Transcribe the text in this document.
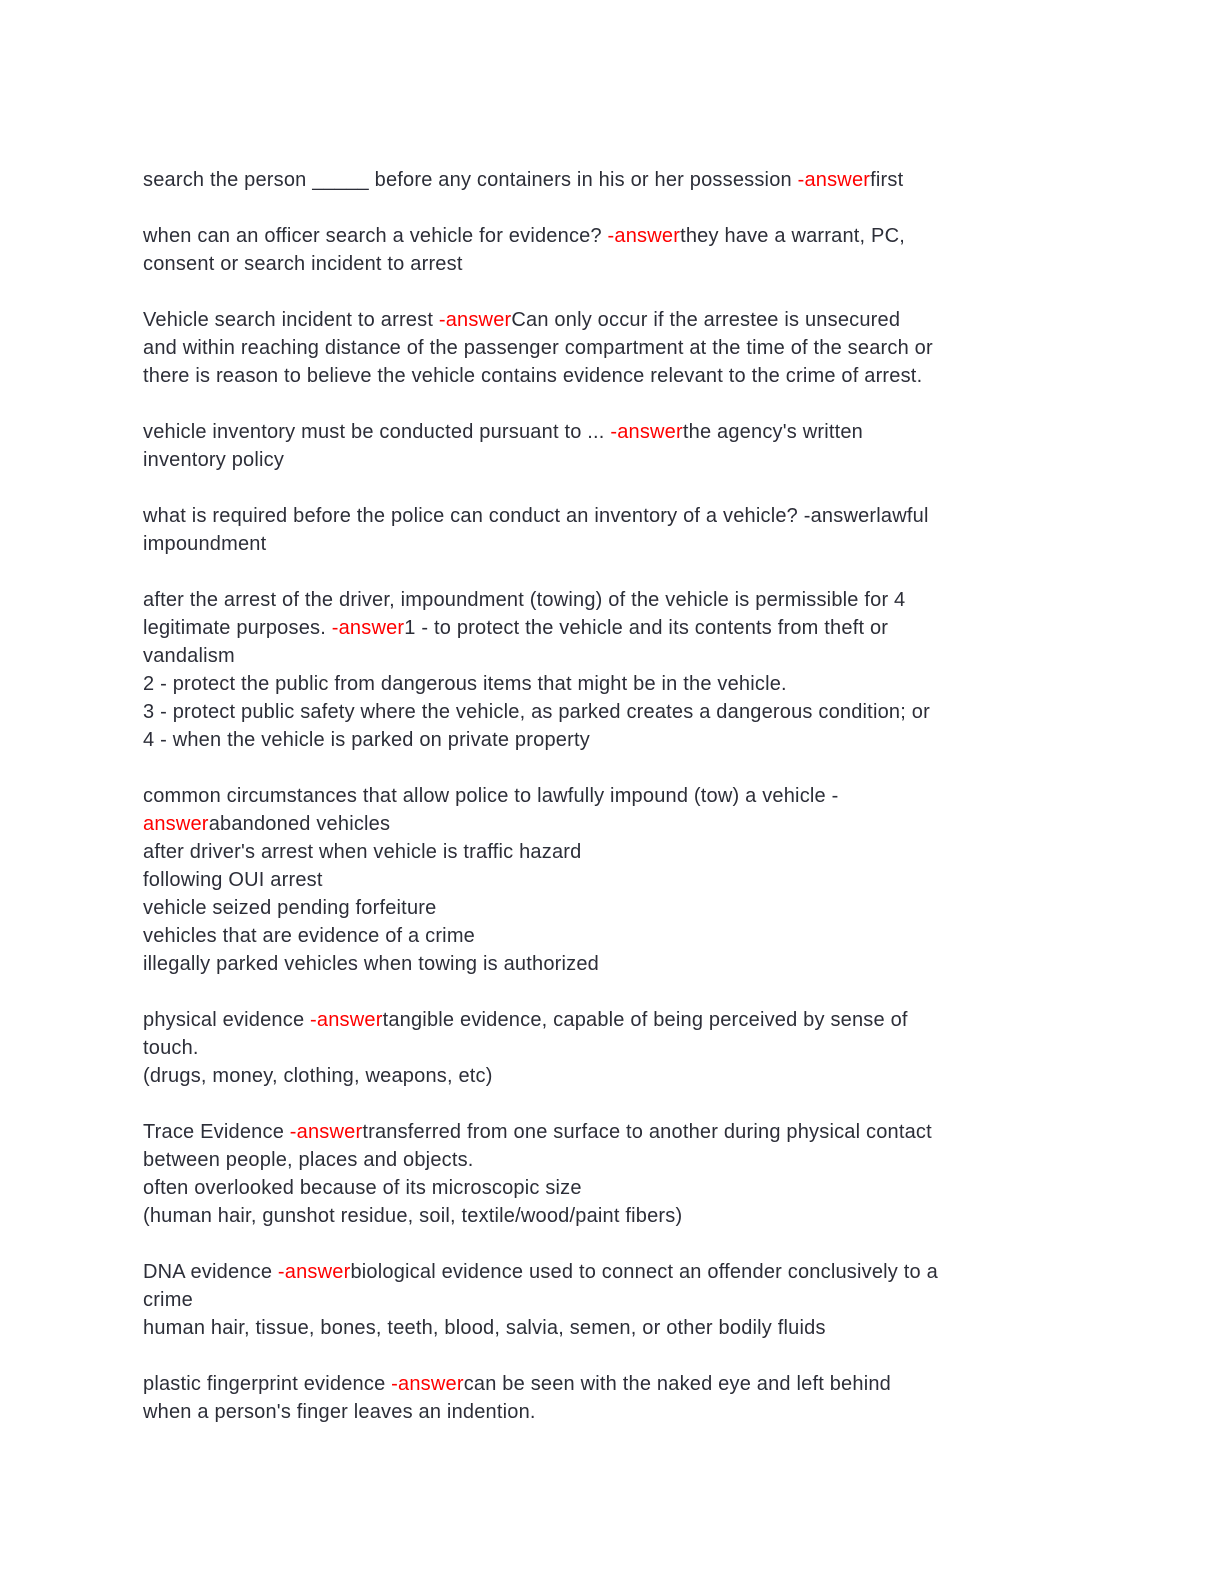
search the person _____ before any containers in his or her possession -answerfirst
when can an officer search a vehicle for evidence? -answerthey have a warrant, PC,
consent or search incident to arrest
Vehicle search incident to arrest -answerCan only occur if the arrestee is unsecured
and within reaching distance of the passenger compartment at the time of the search or
there is reason to believe the vehicle contains evidence relevant to the crime of arrest.
vehicle inventory must be conducted pursuant to ... -answerthe agency's written
inventory policy
what is required before the police can conduct an inventory of a vehicle? -answerlawful
impoundment
after the arrest of the driver, impoundment (towing) of the vehicle is permissible for 4
legitimate purposes. -answer1 - to protect the vehicle and its contents from theft or
vandalism
2 - protect the public from dangerous items that might be in the vehicle.
3 - protect public safety where the vehicle, as parked creates a dangerous condition; or
4 - when the vehicle is parked on private property
common circumstances that allow police to lawfully impound (tow) a vehicle -
answerabandoned vehicles
after driver's arrest when vehicle is traffic hazard
following OUI arrest
vehicle seized pending forfeiture
vehicles that are evidence of a crime
illegally parked vehicles when towing is authorized
physical evidence -answertangible evidence, capable of being perceived by sense of
touch.
(drugs, money, clothing, weapons, etc)
Trace Evidence -answertransferred from one surface to another during physical contact
between people, places and objects.
often overlooked because of its microscopic size
(human hair, gunshot residue, soil, textile/wood/paint fibers)
DNA evidence -answerbiological evidence used to connect an offender conclusively to a
crime
human hair, tissue, bones, teeth, blood, salvia, semen, or other bodily fluids
plastic fingerprint evidence -answercan be seen with the naked eye and left behind
when a person's finger leaves an indention.
